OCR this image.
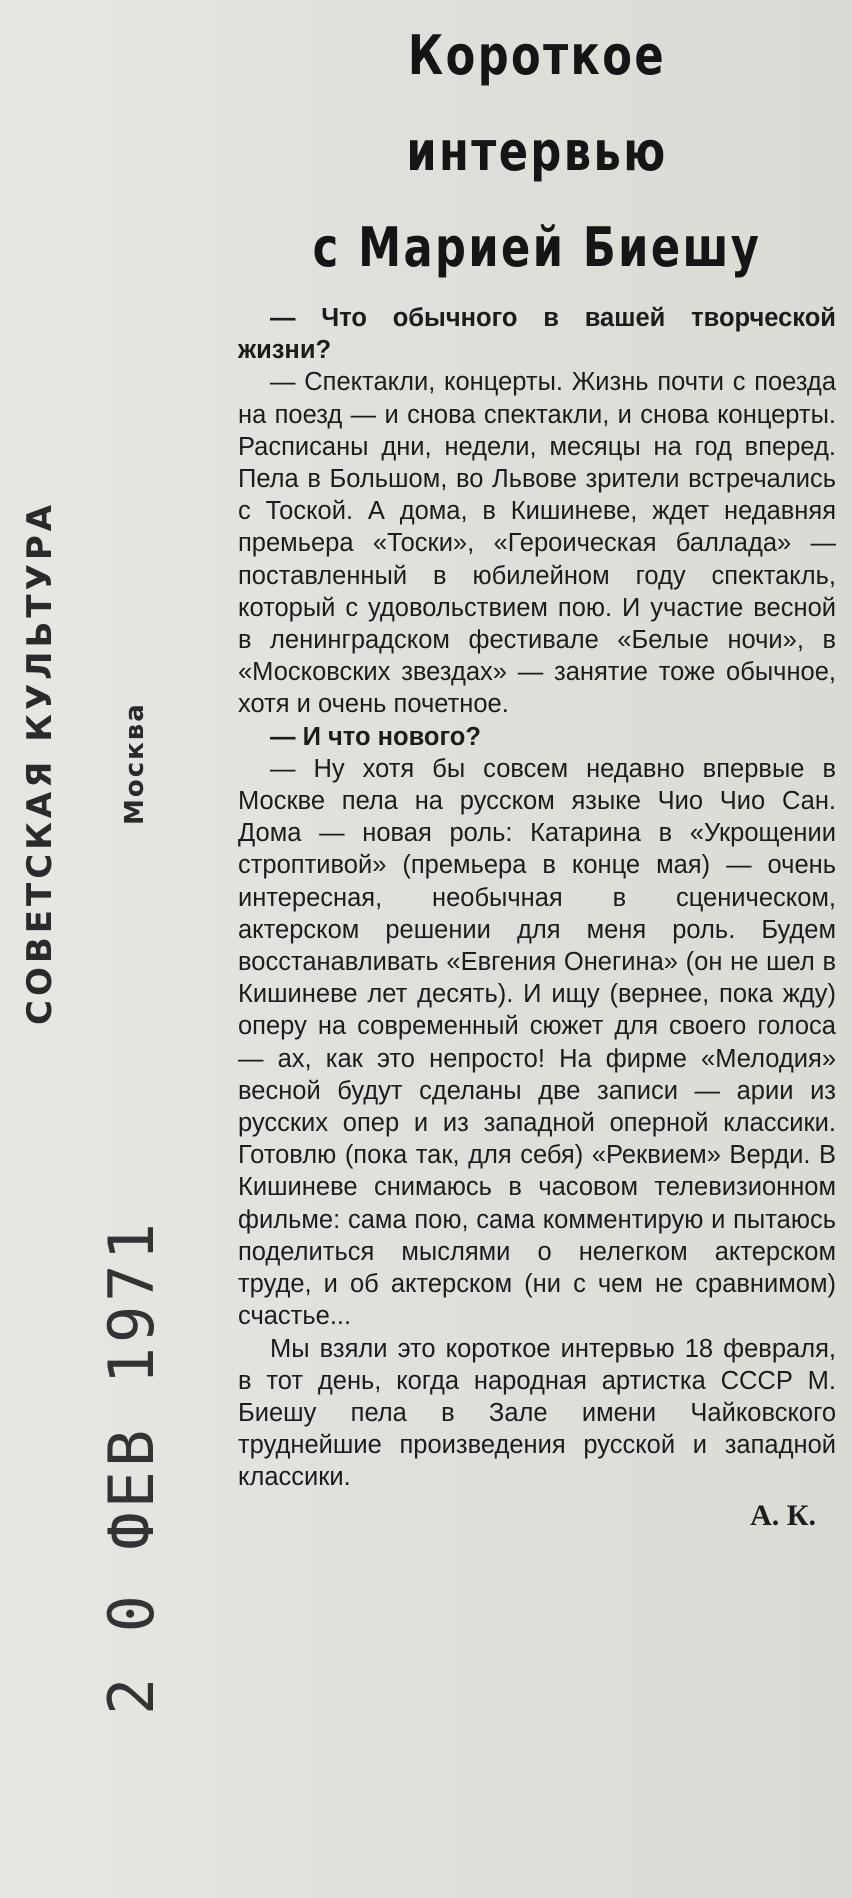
СОВЕТСКАЯ КУЛЬТУРА Москва
2 0 ФЕВ 1971
Короткое интервью
с Марией Биешу

— Что обычного в вашей творческой жизни?

— Спектакли, концерты. Жизнь почти с поезда на поезд — и снова спектакли, и снова концерты. Расписаны дни, недели, месяцы на год вперед. Пела в Большом, во Львове зрители встречались с Тоской. А дома, в Кишиневе, ждет недавняя премьера «Тоски», «Героическая баллада» — поставленный в юбилейном году спектакль, который с удовольствием пою. И участие весной в ленинградском фестивале «Белые ночи», в «Московских звездах» — занятие тоже обычное, хотя и очень почетное.

— И что нового?

— Ну хотя бы совсем недавно впервые в Москве пела на русском языке Чио Чио Сан. Дома — новая роль: Катарина в «Укрощении строптивой» (премьера в конце мая) — очень интересная, необычная в сценическом, актерском решении для меня роль. Будем восстанавливать «Евгения Онегина» (он не шел в Кишиневе лет десять). И ищу (вернее, пока жду) оперу на современный сюжет для своего голоса — ах, как это непросто! На фирме «Мелодия» весной будут сделаны две записи — арии из русских опер и из западной оперной классики. Готовлю (пока так, для себя) «Реквием» Верди. В Кишиневе снимаюсь в часовом телевизионном фильме: сама пою, сама комментирую и пытаюсь поделиться мыслями о нелегком актерском труде, и об актерском (ни с чем не сравнимом) счастье...

Мы взяли это короткое интервью 18 февраля, в тот день, когда народная артистка СССР М. Биешу пела в Зале имени Чайковского труднейшие произведения русской и западной классики.

А. К.
